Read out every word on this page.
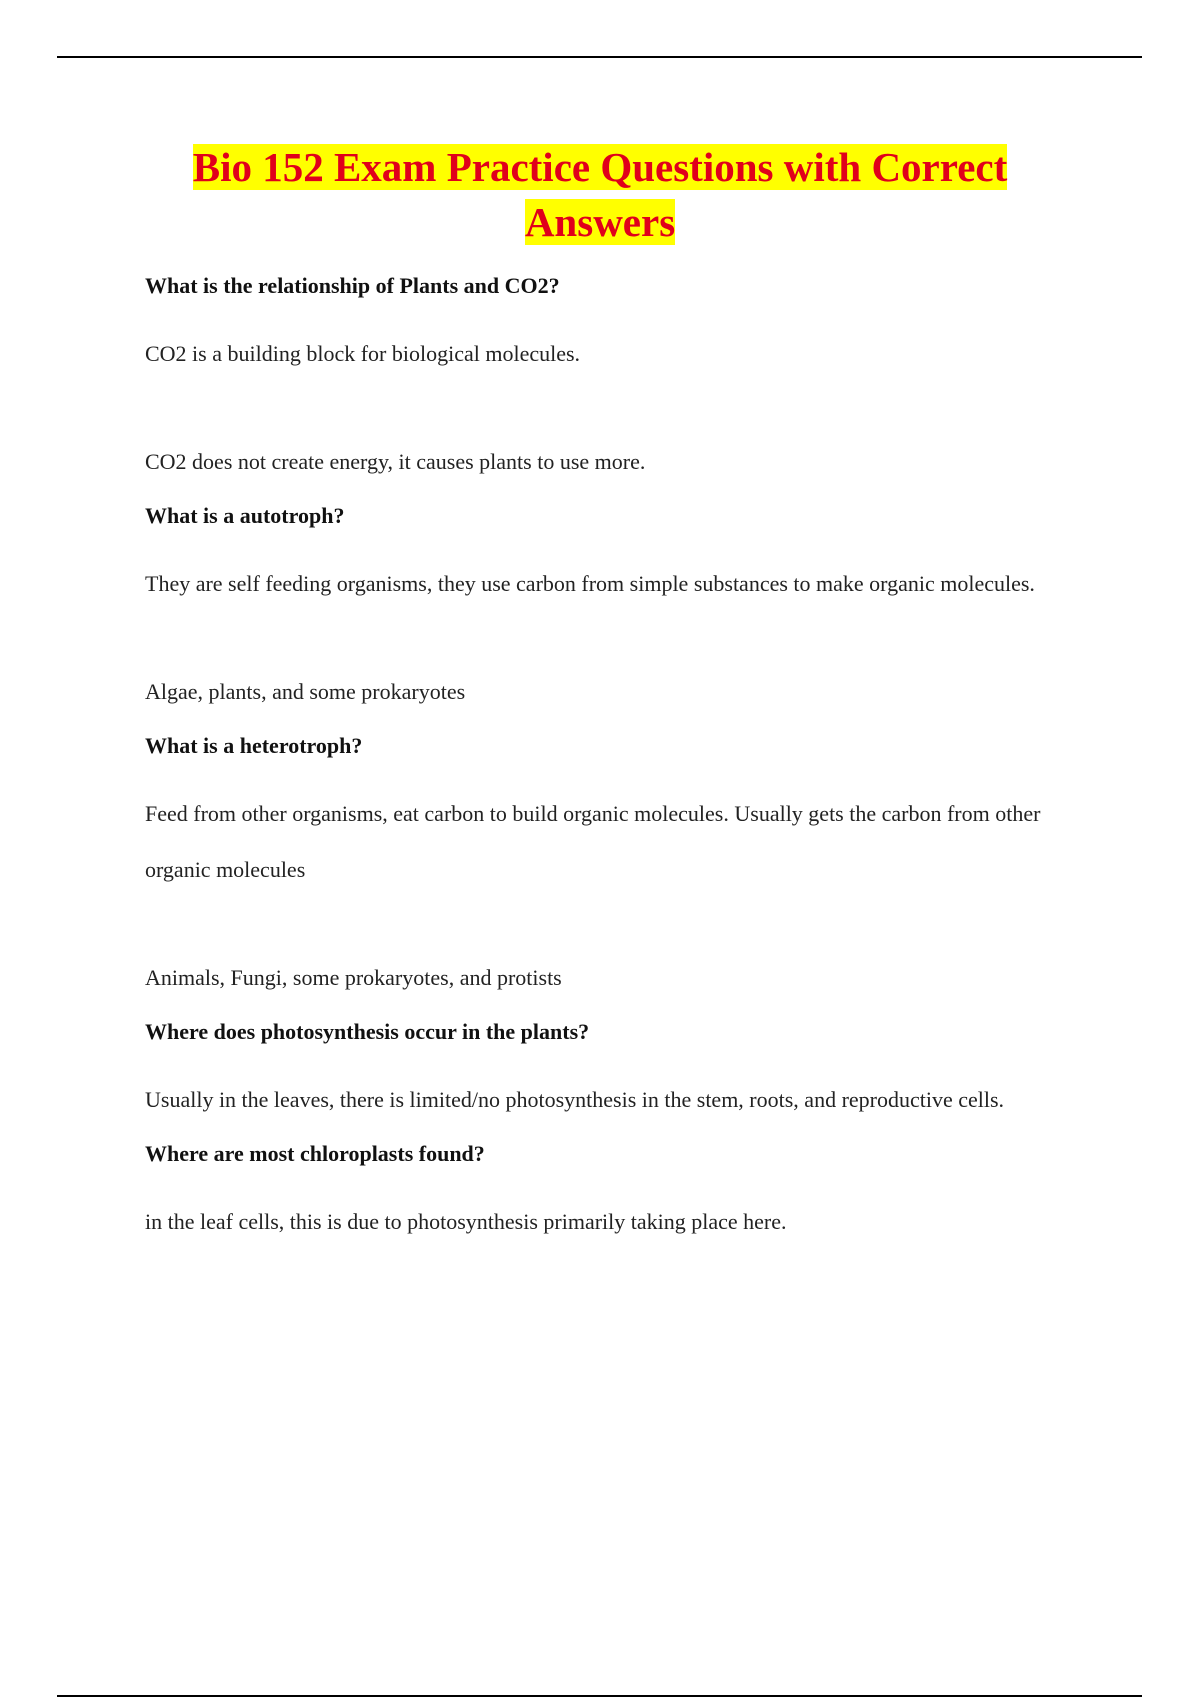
Bio 152 Exam Practice Questions with Correct
Answers

What is the relationship of Plants and CO2?

CO2 is a building block for biological molecules.

CO2 does not create energy, it causes plants to use more.

What is a autotroph?

They are self feeding organisms, they use carbon from simple substances to make organic molecules.

Algae, plants, and some prokaryotes

What is a heterotroph?

Feed from other organisms, eat carbon to build organic molecules. Usually gets the carbon from other organic molecules

Animals, Fungi, some prokaryotes, and protists

Where does photosynthesis occur in the plants?

Usually in the leaves, there is limited/no photosynthesis in the stem, roots, and reproductive cells.

Where are most chloroplasts found?

in the leaf cells, this is due to photosynthesis primarily taking place here.
